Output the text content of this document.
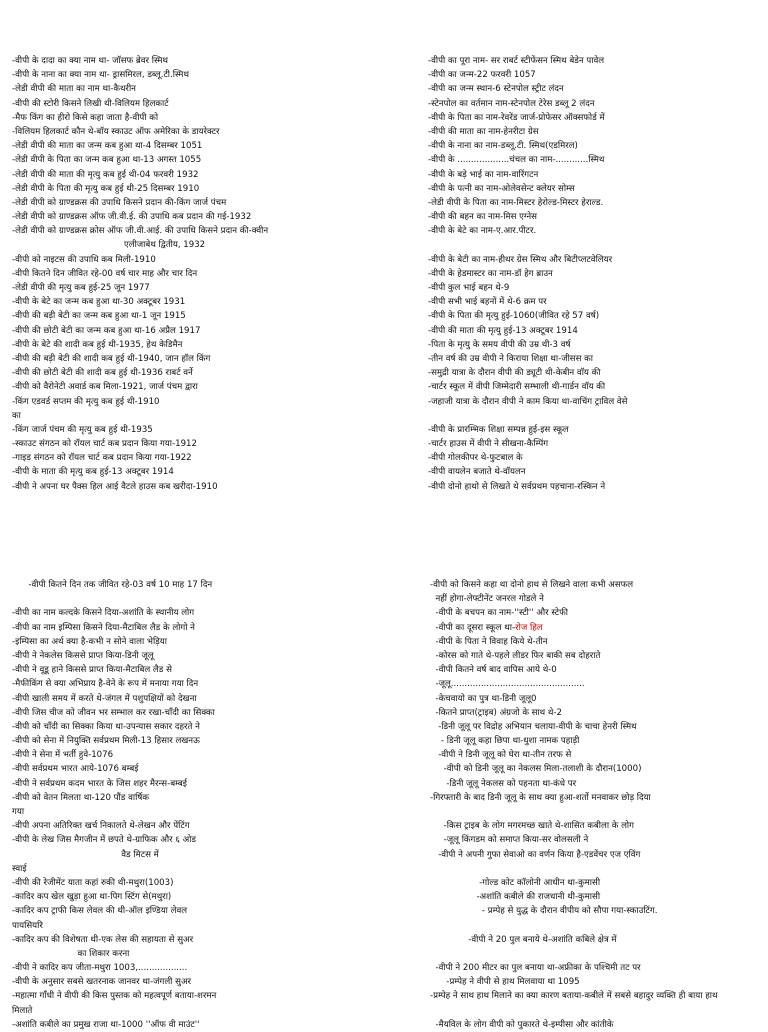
-वीपी के दादा का क्या नाम था- जॉसफ ब्रेवर स्मिथ
-वीपी के नाना का क्या नाम था- ड्रासमिरल, डब्लू.टी.स्मिथ
-लेडी वीपी की माता का नाम था-कैथरीन
-वीपी की स्टोरी किसने लिखी थी-विलियम हिलकार्ट
-मैफ किंग का हीरो किसे कहा जाता है-वीपी को
-विलियम हिलकार्ट कौन थे-बॉय स्काउट ऑफ अमेरिका के डायरेक्टर
-लेडी वीपी की माता का जन्म कब हुआ था-4 दिसम्बर 1051
-लेडी वीपी के पिता का जन्म कब हुआ था-13 अगस्त 1055
-लेडी वीपी की माता की मृत्यु कब हुई थी-04 फरवरी 1932
-लेडी वीपी के पिता की मृत्यु कब हुई थी-25 दिसम्बर 1910
-लेडी वीपी को ग्राण्डक्रस की उपाधि किसने प्रदान की-किंग जार्ज पंचम
-लेडी वीपी को ग्राण्डक्रस ऑफ जी.वी.ई. की उपाधि कब प्रदान की गई-1932
-लेडी वीपी को ग्राण्डक्रस क्रोस ऑफ जी.वी.आई. की उपाधि किसने प्रदान की-क्वीन
एलीजाबेथ द्वितीय, 1932
-वीपी को नाइटस की उपाधि कब मिली-1910
-वीपी कितने दिन जीवित रहे-00 वर्ष चार माह और चार दिन
-लेडी वीपी की मृत्यु कब हुई-25 जून 1977
-वीपी के बेटे का जन्म कब हुआ था-30 अक्टूबर 1931
-वीपी की बड़ी बेटी का जन्म कब हुआ था-1 जून 1915
-वीपी की छोटी बेटी का जन्म कब हुआ था-16 अप्रैल 1917
-वीपी के बेटे की शादी कब हुई थी-1935, हेथ केडिमैन
-वीपी की बड़ी बेटी की शादी कब हुई थी-1940, जान हॉल किंग
-वीपी की छोटी बेटी की शादी कब हुई थी-1936 राबर्ट वर्ने
-वीपी को वैरोनेटी अवार्ड कब मिला-1921, जार्ज पंचम द्वारा
-किंग एडवर्ड सप्तम की मृत्यु कब हुई थी-1910
का
-किंग जार्ज पंचम की मृत्यु कब हुई थी-1935
-स्काउट संगठन को रॉयल चार्ट कब प्रदान किया गया-1912
-गाइड संगठन को रॉयल चार्ट कब प्रदान किया गया-1922
-वीपी के माता की मृत्यु कब हुई-13 अक्टूबर 1914
-वीपी ने अपना घर पैक्स हिल आई वैटले हाउस कब खरीदा-1910
-वीपी का पूरा नाम- सर राबर्ट स्टीफेंसन स्मिथ बेडेन पावेल
-वीपी का जन्म-22 फरवरी 1057
-वीपी का जन्म स्थान-6 स्टेनपोल स्ट्रीट लंदन
-स्टेनपोल का वर्तमान नाम-स्टेनपोल टेरेस डब्लू 2 लंदन
-वीपी के पिता का नाम-रेवरेंड जार्ज-प्रोफेसर ऑक्सफोर्ड में
-वीपी की माता का नाम-हेनरीटा ग्रेस
-वीपी के नाना का नाम-डब्लू.टी. स्मिथ(एडमिरल)
-वीपी के ...................चंचल का नाम-............स्मिथ
-वीपी के बड़े भाई का नाम-वारिंगटन
-वीपी के पत्नी का नाम-ओलेवसेन्ट क्लेयर सोम्स
-लेडी वीपी के पिता का नाम-मिस्टर हेरोल्ड-मिस्टर हेराल्ड.
-वीपी की बहन का नाम-मिस एग्नेस
-वीपी के बेटे का नाम-ए.आर.पीटर.
-वीपी के बेटी का नाम-हीथर ग्रेस स्मिथ और बिटीप्लटवेलियर
-वीपी के हेडमास्टर का नाम-डॉ हेग ब्राउन
-वीपी कुल भाई बहन थे-9
-वीपी सभी भाई बहनों में थे-6 क्रम पर
-वीपी के पिता की मृत्यु हुई-1060(जीवित रहे 57 वर्ष)
-वीपी की माता की मृत्यु हुई-13 अक्टूबर 1914
-पिता के मृत्यु के समय वीपी की उम्र थी-3 वर्ष
-तीन वर्ष की उम्र वीपी ने किराया शिक्षा था-जीसस का
-समुद्री यात्रा के दौरान वीपी की ड्यूटी थी-केबीन वॉय की
-चार्टर स्कूल में वीपी जिम्मेदारी सम्भाली थी-गार्डन वॉय की
-जहाजी यात्रा के दौरान वीपी ने काम किया था-वाचिंग ट्राविल वेसे
-वीपी के प्रारम्भिक शिक्षा सम्पन्न हुई-इस स्कूल
-चार्टर हाउस में वीपी ने सीखना-कैम्पिंग
-वीपी गोलकीपर थे-फुटबाल के
-वीपी वायलेन बजाते थे-वॉयलन
-वीपी दोनो हाथो से लिखते थे सर्वप्रथम पहचाना-रस्किन ने
-वीपी कितने दिन तक जीवित रहे-03 वर्ष 10 माह 17 दिन
-वीपी का नाम कल्दके किसने दिया-अशांति के स्थानीय लोग
-वीपी का नाम इम्पिसा किसने दिया-मैटाबिल लैड के लोगो ने
-इम्पिसा का अर्थ क्या है-कभी न सोने वाला भेड़िया
-वीपी ने नेकलेस किससे प्राप्त किया-डिनी जूलू
-वीपी ने वूडू हाने किससे प्राप्त किया-मैटाबिल लैड से
-मैफीकिंग से क्या अभिप्राय है-वेने के रूप में मनाया गया दिन
-वीपी खाली समय में करते थे-जंगल में पशुपक्षियों को देखना
-वीपी जिस चीज को जीवन भर सम्भाल कर रखा-चाँदी का सिक्का
-वीपी को चाँदी का सिक्का किया था-उपन्यास सकार दहरते ने
-वीपी को सेना में नियुक्ति सर्वप्रथम मिली-13 हिसार लखनऊ
-वीपी ने सेना में भर्ती हुवे-1076
-वीपी सर्वप्रथम भारत आये-1076 बम्बई
-वीपी ने सर्वप्रथम कदम भारत के जिस शहर मैरन्स-बम्बई
-वीपी को वेतन मिलता था-120 पौंड वार्षिक
गया
-वीपी अपना अतिरिक्त खर्च निकालते थे-लेखन और पेंटिंग
-वीपी के लेख जिस मैगजीन में छपते थे-ग्राफिक और ६ ओड
वैड मिटस में
स्वाई
-वीपी की रेजीमेंट याता कहां रुकी थी-मथुरा(1003)
-कादिर कप खेल खुड़ा हुआ था-पिग स्टिंग से(मथुरा)
-कादिर कप ट्राफी किस लेवल की थी-ऑल इण्डिया लेवल
पायसियरि
-कादिर कप की विशेषता थी-एक लेस की सहायता से सुअर
का शिकार करना
-वीपी ने कादिर कप जीता-मथुरा 1003,..................
-वीपी के अनुसार सबसे खतरनाक जानवर था-जंगली सुअर
-महात्मा गाँधी ने वीपी की किस पुस्तक को महत्वपूर्ण बताया-शरमन
मिलाते
-अशांति कबीले का प्रमुख राजा था-1000 ''ऑफ वी माउंट''
-वीपी को किसने कहा था दोनो हाथ से लिखने वाला कभी असफल
नहीं होगा-लेफ्टीनेंट जनरल गोडले ने
-वीपी के बचपन का नाम-''स्टी'' और स्टेफी
-वीपी का दूसरा स्कूल था-रोज हिल
-वीपी के पिता ने विवाह किये थे-तीन
-कोरस को गाते थे-पहले लीडर फिर बाकी सब दोहराते
-वीपी कितने वर्ष बाद वापिस आये थे-0
-जूलू.................................................
-केचवायो का पुत्र था-डिनी जूलू0
-कितने प्राप्त(ट्राइब) अंग्रजो के साथ थे-2
-डिनी जूलू पर विद्रोह अभियान चलाया-वीपी के चाचा हेनरी स्मिथ
- डिनी जूलू कहा छिपा था-धुशा नामक पहाड़ी
-वीपी ने डिनी जूलू को घेरा था-तीन तरफ से
-वीपी को डिनी जूलू का नेकलस मिला-तलाशी के दौरान(1000)
-डिनी जूलू नेकलस को पहनता था-कंधे पर
-गिरफ्तारी के बाद डिनी जूलू के साथ क्या हुआ-शर्तो मनवाकर छोड़ दिया
-किस ट्राइब के लोग मगरमच्छ खाते थे-शासित कबीला के लोग
-जूलू किंगडम को समाप्त किया-सर वोलसली ने
-वीपी ने अपनी गुफा सेवाओ का वर्णन किया है-एडवेंचर एज एविंग
-गोल्ड कोट कॉलोनी आधीन था-कुमासी
-अशांति कबीले की राजधानी थी-कुमासी
- प्रम्पेह से युद्ध के दौरान वीपीय को सौपा गया-स्काउटिंग.
-वीपी ने 20 पुल बनाये थे-अशांति कबिले क्षेत्र में
-वीपी ने 200 मीटर का पुल बनाया था-अफ्रीका के पश्चिमी तट पर
-प्रम्पेह ने वीपी से हाथ मिलवाया था 1095
-प्रम्पेह ने साथ हाथ मिलाने का क्या कारण बताया-कबीले में सबसे बहादुर व्यक्ति ही बाया हाथ
-मैयविल के लोग वीपी को पुकारते थे-इम्पीसा और कांतीके
